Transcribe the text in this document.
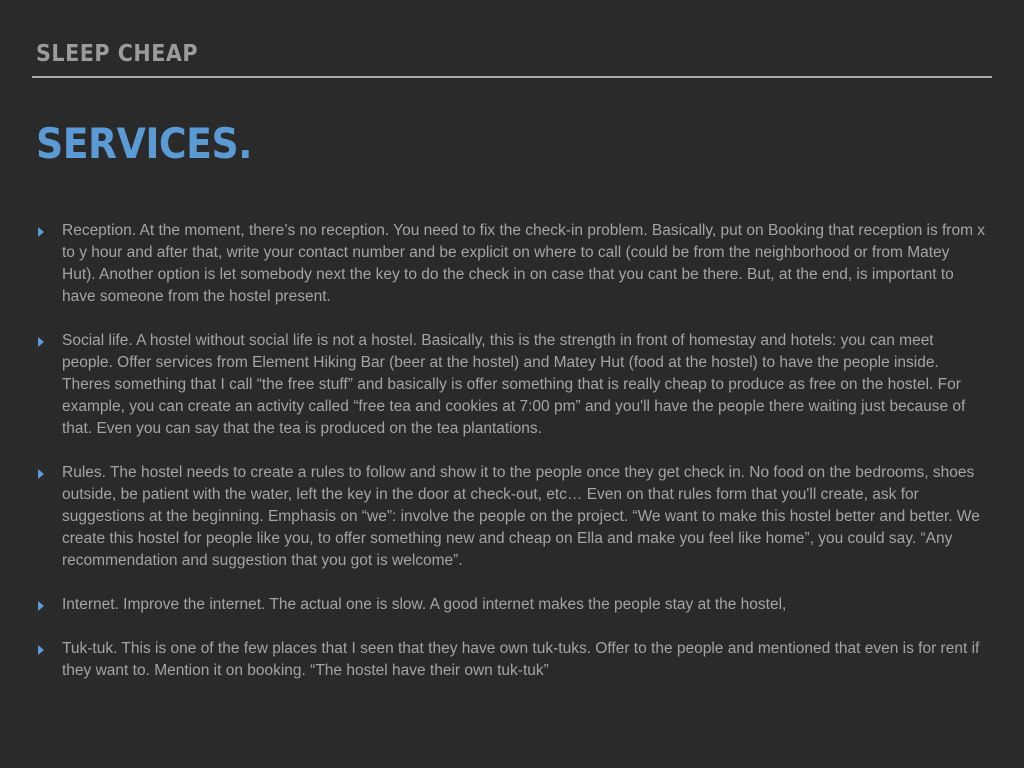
SLEEP CHEAP
SERVICES.
Reception. At the moment, there’s no reception. You need to fix the check-in problem. Basically, put on Booking that reception is from x to y hour and after that, write your contact number and be explicit on where to call (could be from the neighborhood or from Matey Hut). Another option is let somebody next the key to do the check in on case that you cant be there. But, at the end, is important to have someone from the hostel present.
Social life. A hostel without social life is not a hostel. Basically, this is the strength in front of homestay and hotels: you can meet people. Offer services from Element Hiking Bar (beer at the hostel) and Matey Hut (food at the hostel) to have the people inside. Theres something that I call “the free stuff” and basically is offer something that is really cheap to produce as free on the hostel. For example, you can create an activity called “free tea and cookies at 7:00 pm” and you'll have the people there waiting just because of that. Even you can say that the tea is produced on the tea plantations.
Rules. The hostel needs to create a rules to follow and show it to the people once they get check in. No food on the bedrooms, shoes outside, be patient with the water, left the key in the door at check-out, etc… Even on that rules form that you'll create, ask for suggestions at the beginning. Emphasis on “we”: involve the people on the project. “We want to make this hostel better and better. We create this hostel for people like you, to offer something new and cheap on Ella and make you feel like home”, you could say. “Any recommendation and suggestion that you got is welcome”.
Internet. Improve the internet. The actual one is slow. A good internet makes the people stay at the hostel,
Tuk-tuk. This is one of the few places that I seen that they have own tuk-tuks. Offer to the people and mentioned that even is for rent if they want to. Mention it on booking. “The hostel have their own tuk-tuk”
